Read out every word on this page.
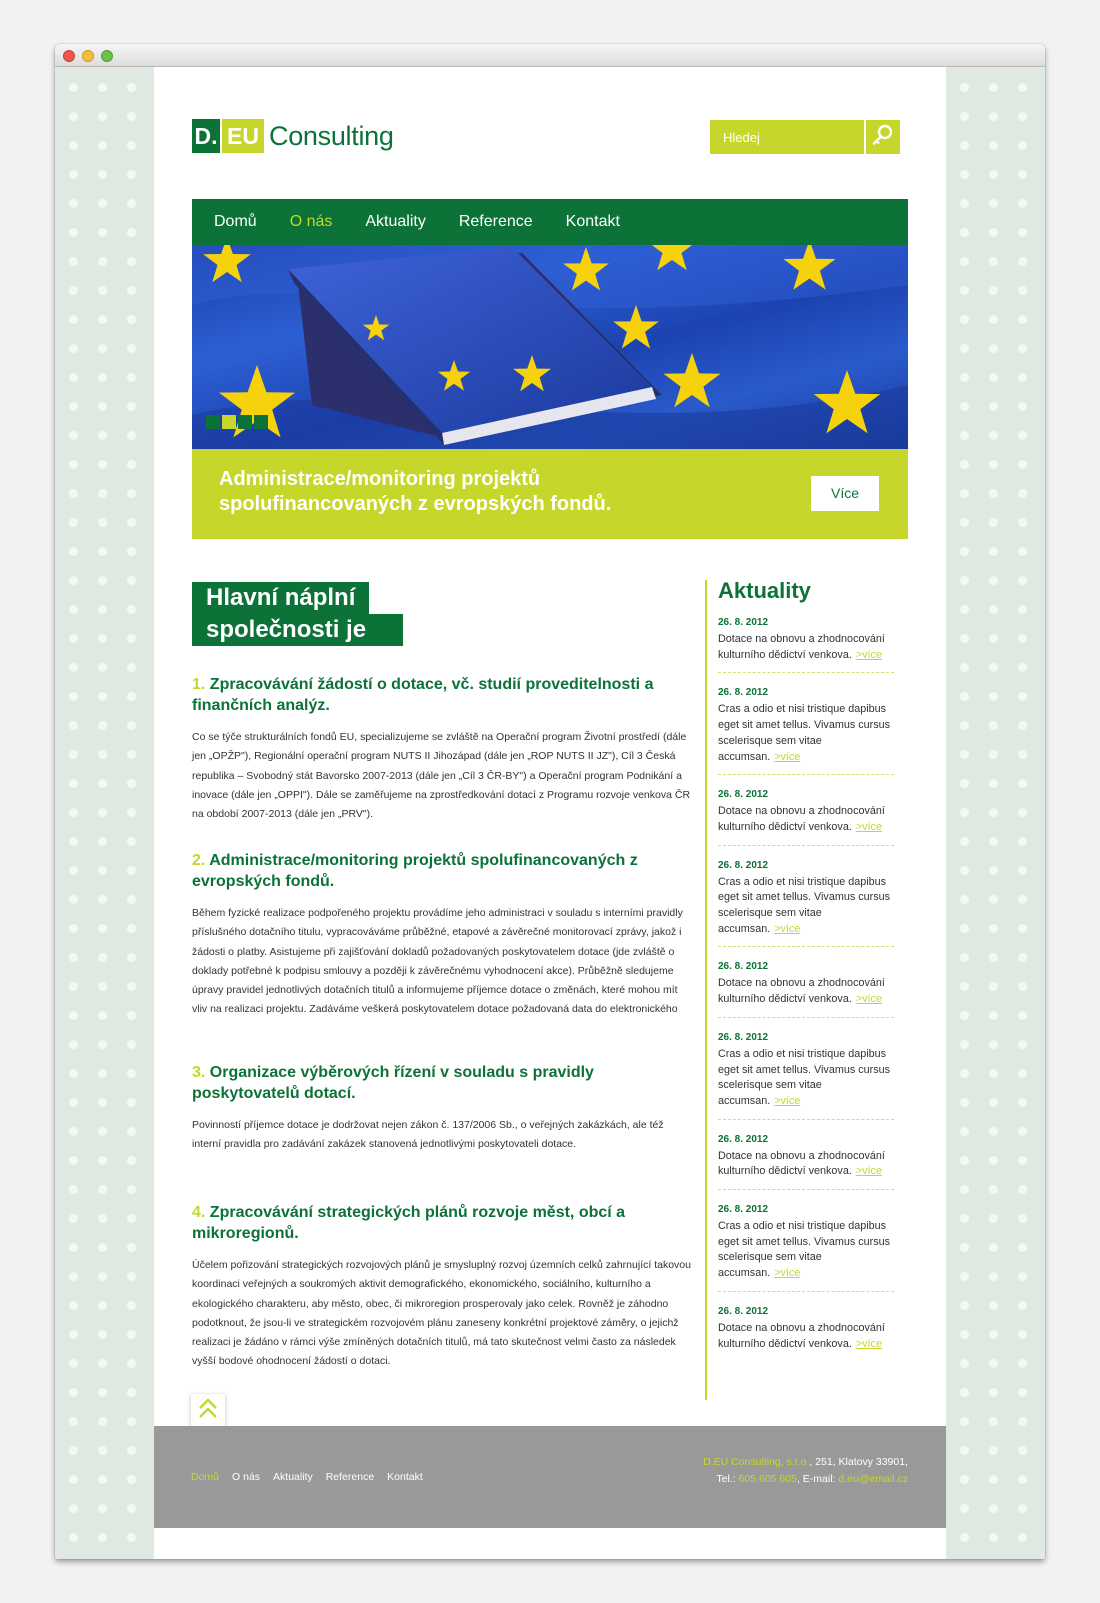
D. EU Consulting
Hledej
Domů O nás Aktuality Reference Kontakt
Administrace/monitoring projektů spolufinancovaných z evropských fondů.	Více
Hlavní náplní
společnosti je
1. Zpracovávání žádostí o dotace, vč. studií proveditelnosti a finančních analýz.

Co se týče strukturálních fondů EU, specializujeme se zvláště na Operační program Životní prostředí (dále jen „OPŽP"), Regionální operační program NUTS II Jihozápad (dále jen „ROP NUTS II JZ"), Cíl 3 Česká republika – Svobodný stát Bavorsko 2007-2013 (dále jen „Cíl 3 ČR-BY") a Operační program Podnikání a inovace (dále jen „OPPI"). Dále se zaměřujeme na zprostředkování dotací z Programu rozvoje venkova ČR na období 2007-2013 (dále jen „PRV").

2. Administrace/monitoring projektů spolufinancovaných z evropských fondů.

Během fyzické realizace podpořeného projektu provádíme jeho administraci v souladu s interními pravidly příslušného dotačního titulu, vypracováváme průběžné, etapové a závěrečné monitorovací zprávy, jakož i žádosti o platby. Asistujeme při zajišťování dokladů požadovaných poskytovatelem dotace (jde zvláště o doklady potřebné k podpisu smlouvy a později k závěrečnému vyhodnocení akce). Průběžně sledujeme úpravy pravidel jednotlivých dotačních titulů a informujeme příjemce dotace o změnách, které mohou mít vliv na realizaci projektu. Zadáváme veškerá poskytovatelem dotace požadovaná data do elektronického

3. Organizace výběrových řízení v souladu s pravidly poskytovatelů dotací.

Povinností příjemce dotace je dodržovat nejen zákon č. 137/2006 Sb., o veřejných zakázkách, ale též interní pravidla pro zadávání zakázek stanovená jednotlivými poskytovateli dotace.

4. Zpracovávání strategických plánů rozvoje měst, obcí a mikroregionů.

Účelem pořizování strategických rozvojových plánů je smysluplný rozvoj územních celků zahrnující takovou koordinaci veřejných a soukromých aktivit demografického, ekonomického, sociálního, kulturního a ekologického charakteru, aby město, obec, či mikroregion prosperovaly jako celek. Rovněž je záhodno podotknout, že jsou-li ve strategickém rozvojovém plánu zaneseny konkrétní projektové záměry, o jejichž realizaci je žádáno v rámci výše zmíněných dotačních titulů, má tato skutečnost velmi často za následek vyšší bodové ohodnocení žádostí o dotaci.

Aktuality
26. 8. 2012
Dotace na obnovu a zhodnocování kulturního dědictví venkova. >více
26. 8. 2012
Cras a odio et nisi tristique dapibus eget sit amet tellus. Vivamus cursus scelerisque sem vitae accumsan. >více
26. 8. 2012
Dotace na obnovu a zhodnocování kulturního dědictví venkova. >více
26. 8. 2012
Cras a odio et nisi tristique dapibus eget sit amet tellus. Vivamus cursus scelerisque sem vitae accumsan. >více
26. 8. 2012
Dotace na obnovu a zhodnocování kulturního dědictví venkova. >více
26. 8. 2012
Cras a odio et nisi tristique dapibus eget sit amet tellus. Vivamus cursus scelerisque sem vitae accumsan. >více
26. 8. 2012
Dotace na obnovu a zhodnocování kulturního dědictví venkova. >více
26. 8. 2012
Cras a odio et nisi tristique dapibus eget sit amet tellus. Vivamus cursus scelerisque sem vitae accumsan. >více
26. 8. 2012
Dotace na obnovu a zhodnocování kulturního dědictví venkova. >více
Domů O nás Aktuality Reference Kontakt
D.EU Consulting, s.r.o., 251, Klatovy 33901,
Tel.: 605 605 605, E-mail: d.eu@email.cz
